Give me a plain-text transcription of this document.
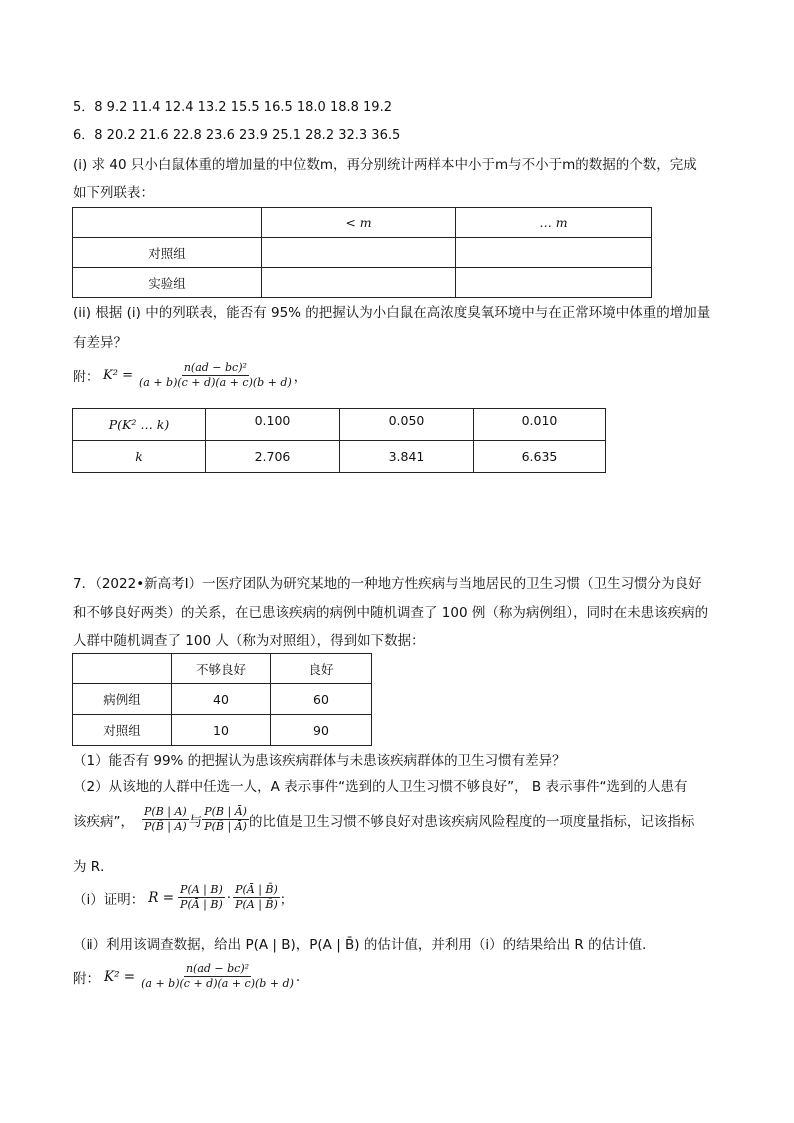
5．8 9.2 11.4 12.4 13.2 15.5 16.5 18.0 18.8 19.2
6．8 20.2 21.6 22.8 23.6 23.9 25.1 28.2 32.3 36.5
(i) 求 40 只小白鼠体重的增加量的中位数m，再分别统计两样本中小于m与不小于m的数据的个数，完成
如下列联表：
	< m	… m
对照组		
实验组		
(ii) 根据 (i) 中的列联表，能否有 95% 的把握认为小白鼠在高浓度臭氧环境中与在正常环境中体重的增加量
有差异？
附： $K^2 = \frac{\text{n(ad − bc)²}}{(a + b)(c + d)(a + c)(b + d)}$ ，
P(K² … k)	0.100	0.050	0.010
k	2.706	3.841	6.635
7．（2022•新高考Ⅰ）一医疗团队为研究某地的一种地方性疾病与当地居民的卫生习惯（卫生习惯分为良好
和不够良好两类）的关系，在已患该疾病的病例中随机调查了 100 例（称为病例组），同时在未患该疾病的
人群中随机调查了 100 人（称为对照组），得到如下数据：
	不够良好	良好
病例组	40	60
对照组	10	90
（1）能否有 99% 的把握认为患该疾病群体与未患该疾病群体的卫生习惯有差异？
（2）从该地的人群中任选一人，A 表示事件“选到的人卫生习惯不够良好”， B 表示事件“选到的人患有
该疾病”， $\frac{P(B | A)}{P(B̄ | A)}$ 与 $\frac{P(B | Ā)}{P(B̄ | Ā)}$ 的比值是卫生习惯不够良好对患该疾病风险程度的一项度量指标，记该指标
为 R．
（ⅰ）证明： $R = \frac{P(A | B)}{P(Ā | B)} \cdot \frac{P(Ā | B̄)}{P(A | B̄)}$ ；
（ⅱ）利用该调查数据，给出 P(A | B)，P(A | B̄) 的估计值，并利用（ⅰ）的结果给出 R 的估计值．
附： $K^2 = \frac{\text{n(ad − bc)²}}{(a + b)(c + d)(a + c)(b + d)}$ .
